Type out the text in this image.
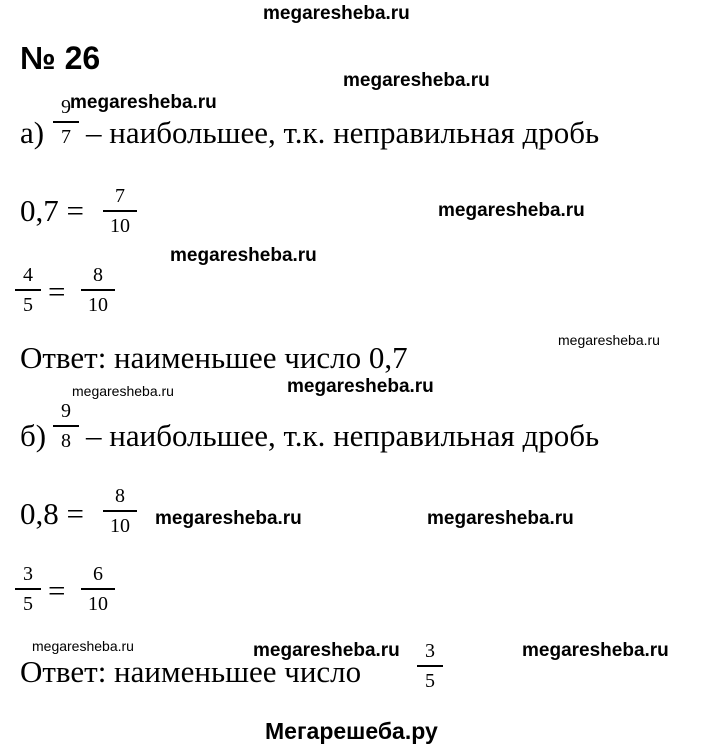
megaresheba.ru
№ 26
megaresheba.ru
megaresheba.ru
а)
9
7 – наибольшее, т.к. неправильная дробь
0,7 =	7
10
megaresheba.ru
megaresheba.ru
4
5 =	8
10
megaresheba.ru
Ответ: наименьшее число 0,7
megaresheba.ru	megaresheba.ru
б)
9
8 – наибольшее, т.к. неправильная дробь
0,8 =	8
10	megaresheba.ru	megaresheba.ru
3
5 =	6
10
megaresheba.ru	megaresheba.ru	megaresheba.ru
Ответ: наименьшее число
3
5
Мегарешеба.ру
